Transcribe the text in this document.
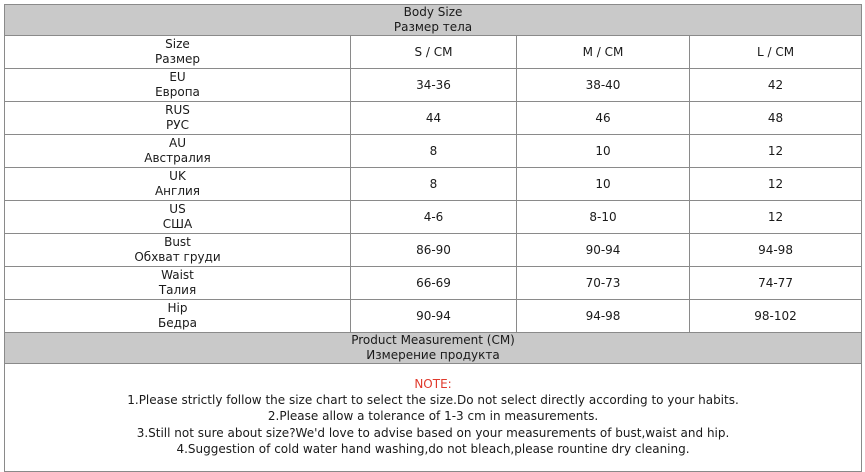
Body Size
Размер тела			

Size
Размер	S / CM	M / CM	L / CM

EU
Европа	34-36	38-40	42

RUS
РУС	44	46	48

AU
Австралия	8	10	12

UK
Англия	8	10	12

US
США	4-6	8-10	12

Bust
Обхват груди	86-90	90-94	94-98

Waist
Талия	66-69	70-73	74-77

Hip
Бедра	90-94	94-98	98-102

Product Measurement (CM)
Измерение продукта			

NOTE:
1.Please strictly follow the size chart to select the size.Do not select directly according to your habits.
2.Please allow a tolerance of 1-3 cm in measurements.
3.Still not sure about size?We'd love to advise based on your measurements of bust,waist and hip.
4.Suggestion of cold water hand washing,do not bleach,please rountine dry cleaning.			
